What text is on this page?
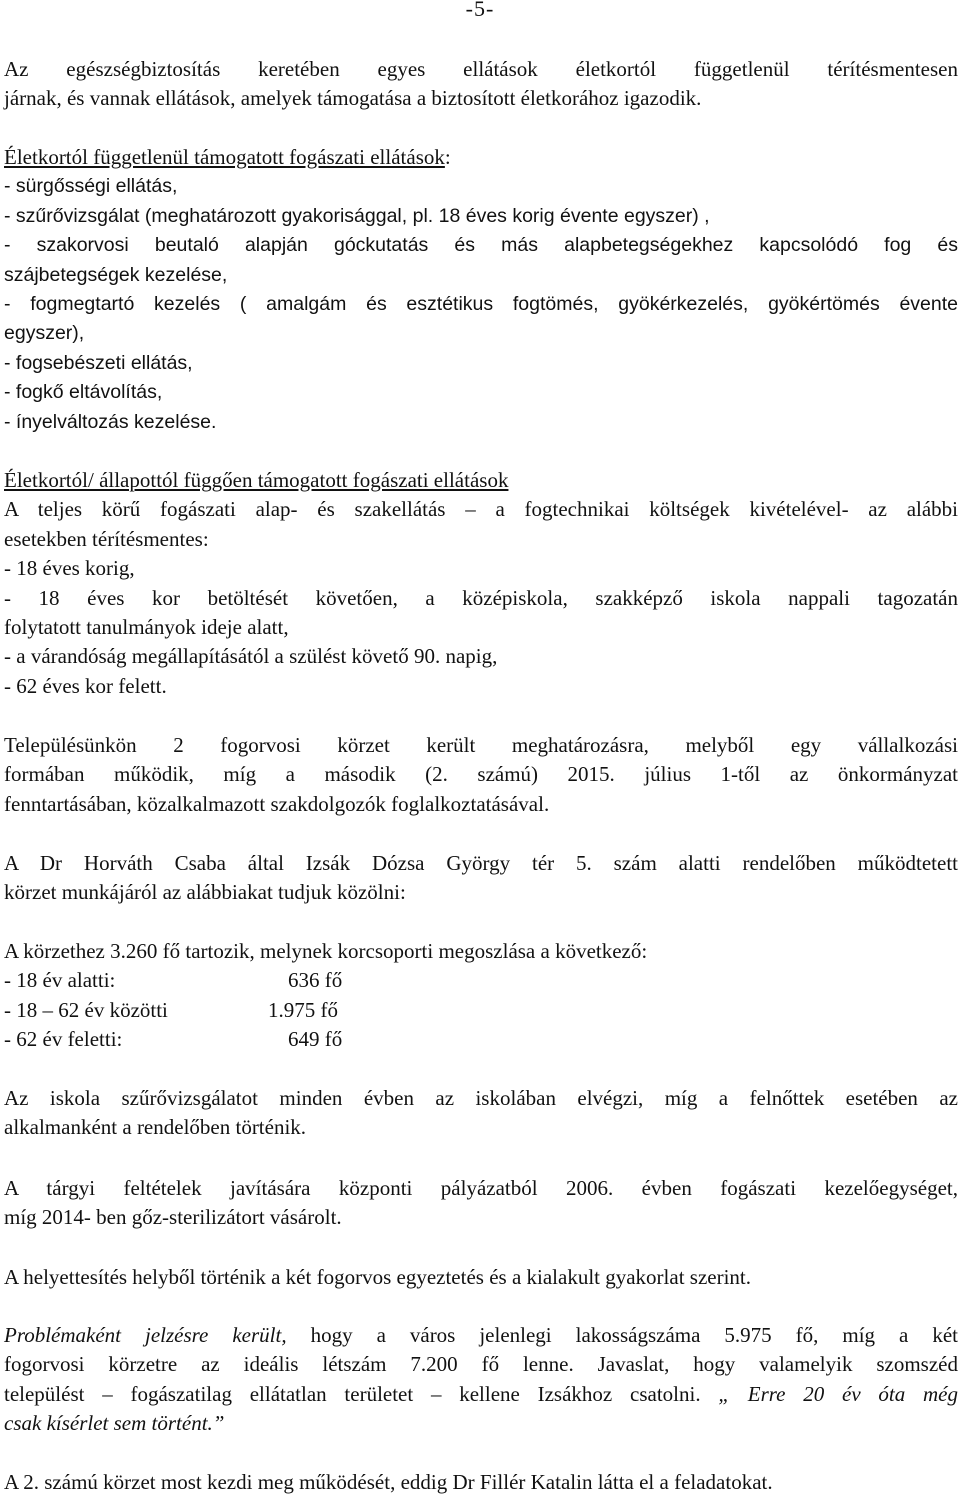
-5-
Az egészségbiztosítás keretében egyes ellátások életkortól függetlenül térítésmentesen
járnak, és vannak ellátások, amelyek támogatása a biztosított életkorához igazodik.
Életkortól függetlenül támogatott fogászati ellátások:
- sürgősségi ellátás,
- szűrővizsgálat (meghatározott gyakorisággal, pl. 18 éves korig évente egyszer) ,
- szakorvosi beutaló alapján góckutatás és más alapbetegségekhez kapcsolódó fog és
szájbetegségek kezelése,
- fogmegtartó kezelés ( amalgám és esztétikus fogtömés, gyökérkezelés, gyökértömés évente
egyszer),
- fogsebészeti ellátás,
- fogkő eltávolítás,
- ínyelváltozás kezelése.
Életkortól/ állapottól függően támogatott fogászati ellátások
A teljes körű fogászati alap- és szakellátás – a fogtechnikai költségek kivételével- az alábbi
esetekben térítésmentes:
- 18 éves korig,
- 18 éves kor betöltését követően, a középiskola, szakképző iskola nappali tagozatán
folytatott tanulmányok ideje alatt,
- a várandóság megállapításától a szülést követő 90. napig,
- 62 éves kor felett.
Településünkön 2 fogorvosi körzet került meghatározásra, melyből egy vállalkozási
formában működik, míg a második (2. számú) 2015. július 1-től az önkormányzat
fenntartásában, közalkalmazott szakdolgozók foglalkoztatásával.
A Dr Horváth Csaba által Izsák Dózsa György tér 5. szám alatti rendelőben működtetett
körzet munkájáról az alábbiakat tudjuk közölni:
A körzethez 3.260 fő tartozik, melynek korcsoporti megoszlása a következő:
- 18 év alatti:	636 fő
- 18 – 62 év közötti	1.975 fő
- 62 év feletti:	649 fő
Az iskola szűrővizsgálatot minden évben az iskolában elvégzi, míg a felnőttek esetében az
alkalmanként a rendelőben történik.
A tárgyi feltételek javítására központi pályázatból 2006. évben fogászati kezelőegységet,
míg 2014- ben gőz-sterilizátort vásárolt.
A helyettesítés helyből történik a két fogorvos egyeztetés és a kialakult gyakorlat szerint.
Problémaként jelzésre került, hogy a város jelenlegi lakosságszáma 5.975 fő, míg a két
fogorvosi körzetre az ideális létszám 7.200 fő lenne. Javaslat, hogy valamelyik szomszéd
települést – fogászatilag ellátatlan területet – kellene Izsákhoz csatolni. „ Erre 20 év óta még
csak kísérlet sem történt.”
A 2. számú körzet most kezdi meg működését, eddig Dr Fillér Katalin látta el a feladatokat.
